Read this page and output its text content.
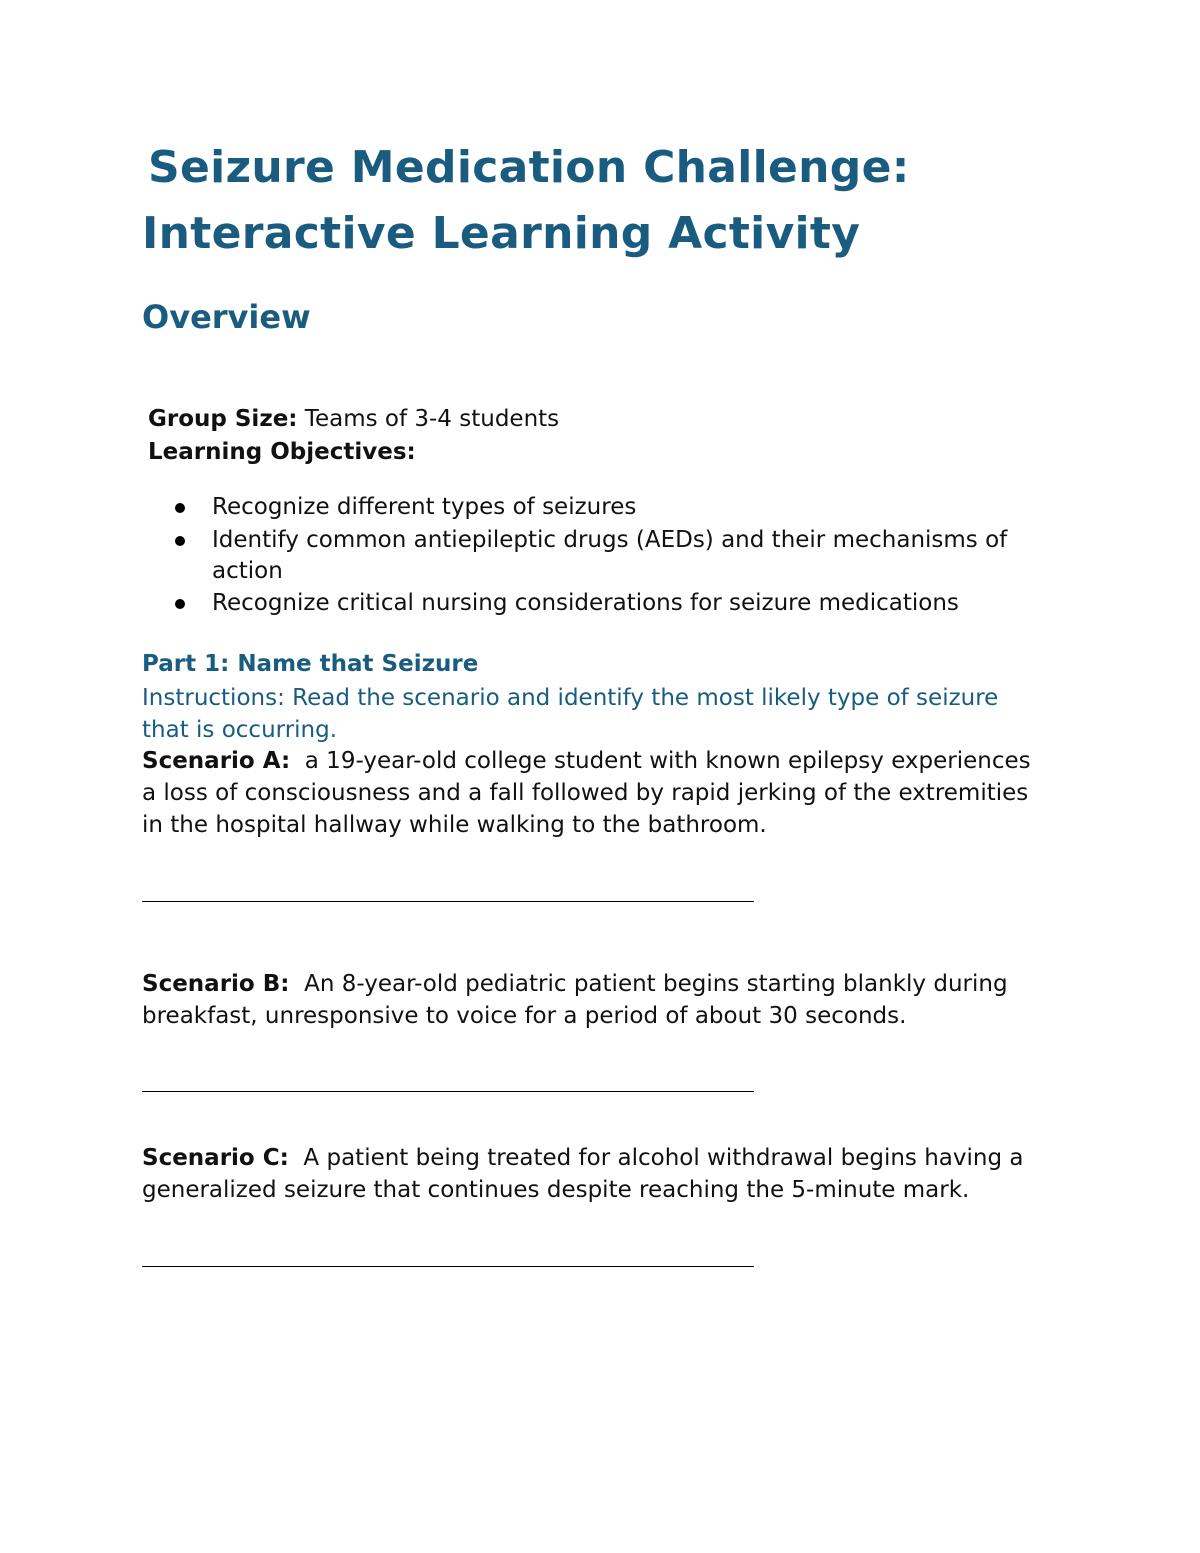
Seizure Medication Challenge:
Interactive Learning Activity
Overview
Group Size: Teams of 3-4 students
Learning Objectives:
Recognize different types of seizures
Identify common antiepileptic drugs (AEDs) and their mechanisms of
action
Recognize critical nursing considerations for seizure medications
Part 1: Name that Seizure
Instructions: Read the scenario and identify the most likely type of seizure
that is occurring.
Scenario A:  a 19-year-old college student with known epilepsy experiences
a loss of consciousness and a fall followed by rapid jerking of the extremities
in the hospital hallway while walking to the bathroom.
Scenario B:  An 8-year-old pediatric patient begins starting blankly during
breakfast, unresponsive to voice for a period of about 30 seconds.
Scenario C:  A patient being treated for alcohol withdrawal begins having a
generalized seizure that continues despite reaching the 5-minute mark.
